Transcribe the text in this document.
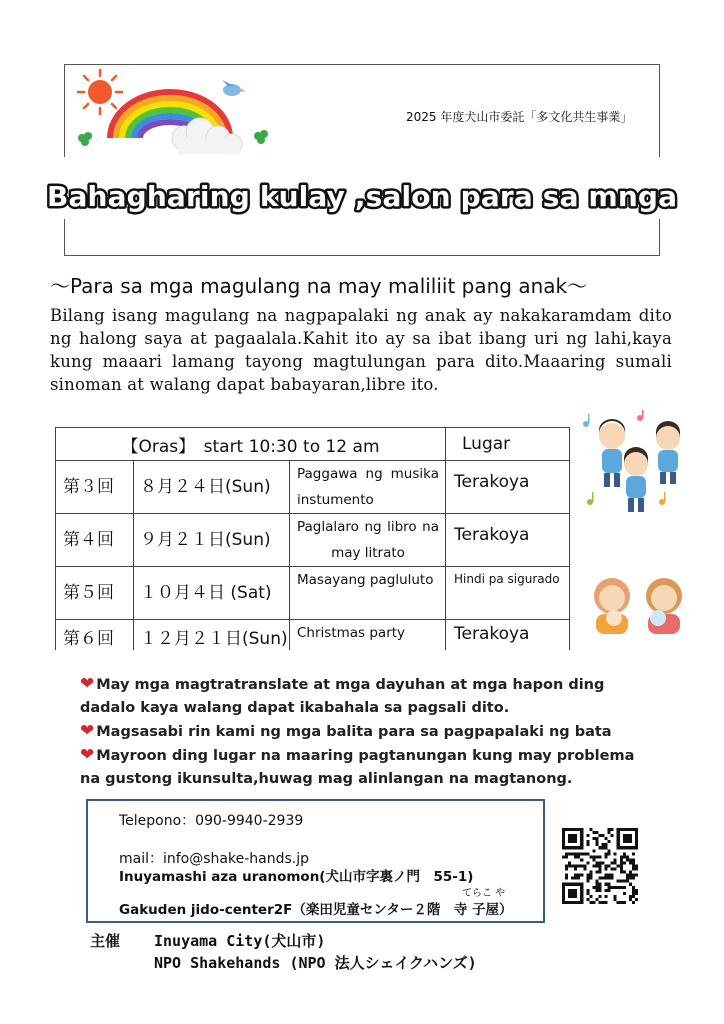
2025 年度犬山市委託「多文化共生事業」
Bahagharing kulay ,salon para sa mnga
～Para sa mga magulang na may maliliit pang anak～
Bilang isang magulang na nagpapalaki ng anak ay nakakaramdam dito ng halong saya at pagaalala.Kahit ito ay sa ibat ibang uri ng lahi,kaya kung maaari lamang tayong magtulungan para dito.Maaaring sumali sinoman at walang dapat babayaran,libre ito.
【Oras】　start 10:30 to 12 am			Lugar
第３回	８月２４日(Sun)	Paggawa ng musika instumento	Terakoya
第４回	９月２１日(Sun)	Paglalaro ng libro na may litrato	Terakoya
第５回	１０月４日 (Sat)	Masayang pagluluto	Hindi pa sigurado
第６回	１２月２１日(Sun)	Christmas party	Terakoya
❤ May mga magtratranslate at mga dayuhan at mga hapon ding
dadalo kaya walang dapat ikabahala sa pagsali dito.
❤ Magsasabi rin kami ng mga balita para sa pagpapalaki ng bata
❤ Mayroon ding lugar na maaring pagtanungan kung may problema
na gustong ikunsulta,huwag mag alinlangan na magtanong.
Telepono：090-9940-2939
mail：info@shake-hands.jp
Inuyamashi aza uranomon(犬山市字裏ノ門　55-1)
てらこ や
Gakuden jido-center2F（楽田児童センター２階　寺 子屋）
主催 Inuyama City(犬山市)
NPO Shakehands (NPO 法人シェイクハンズ)
